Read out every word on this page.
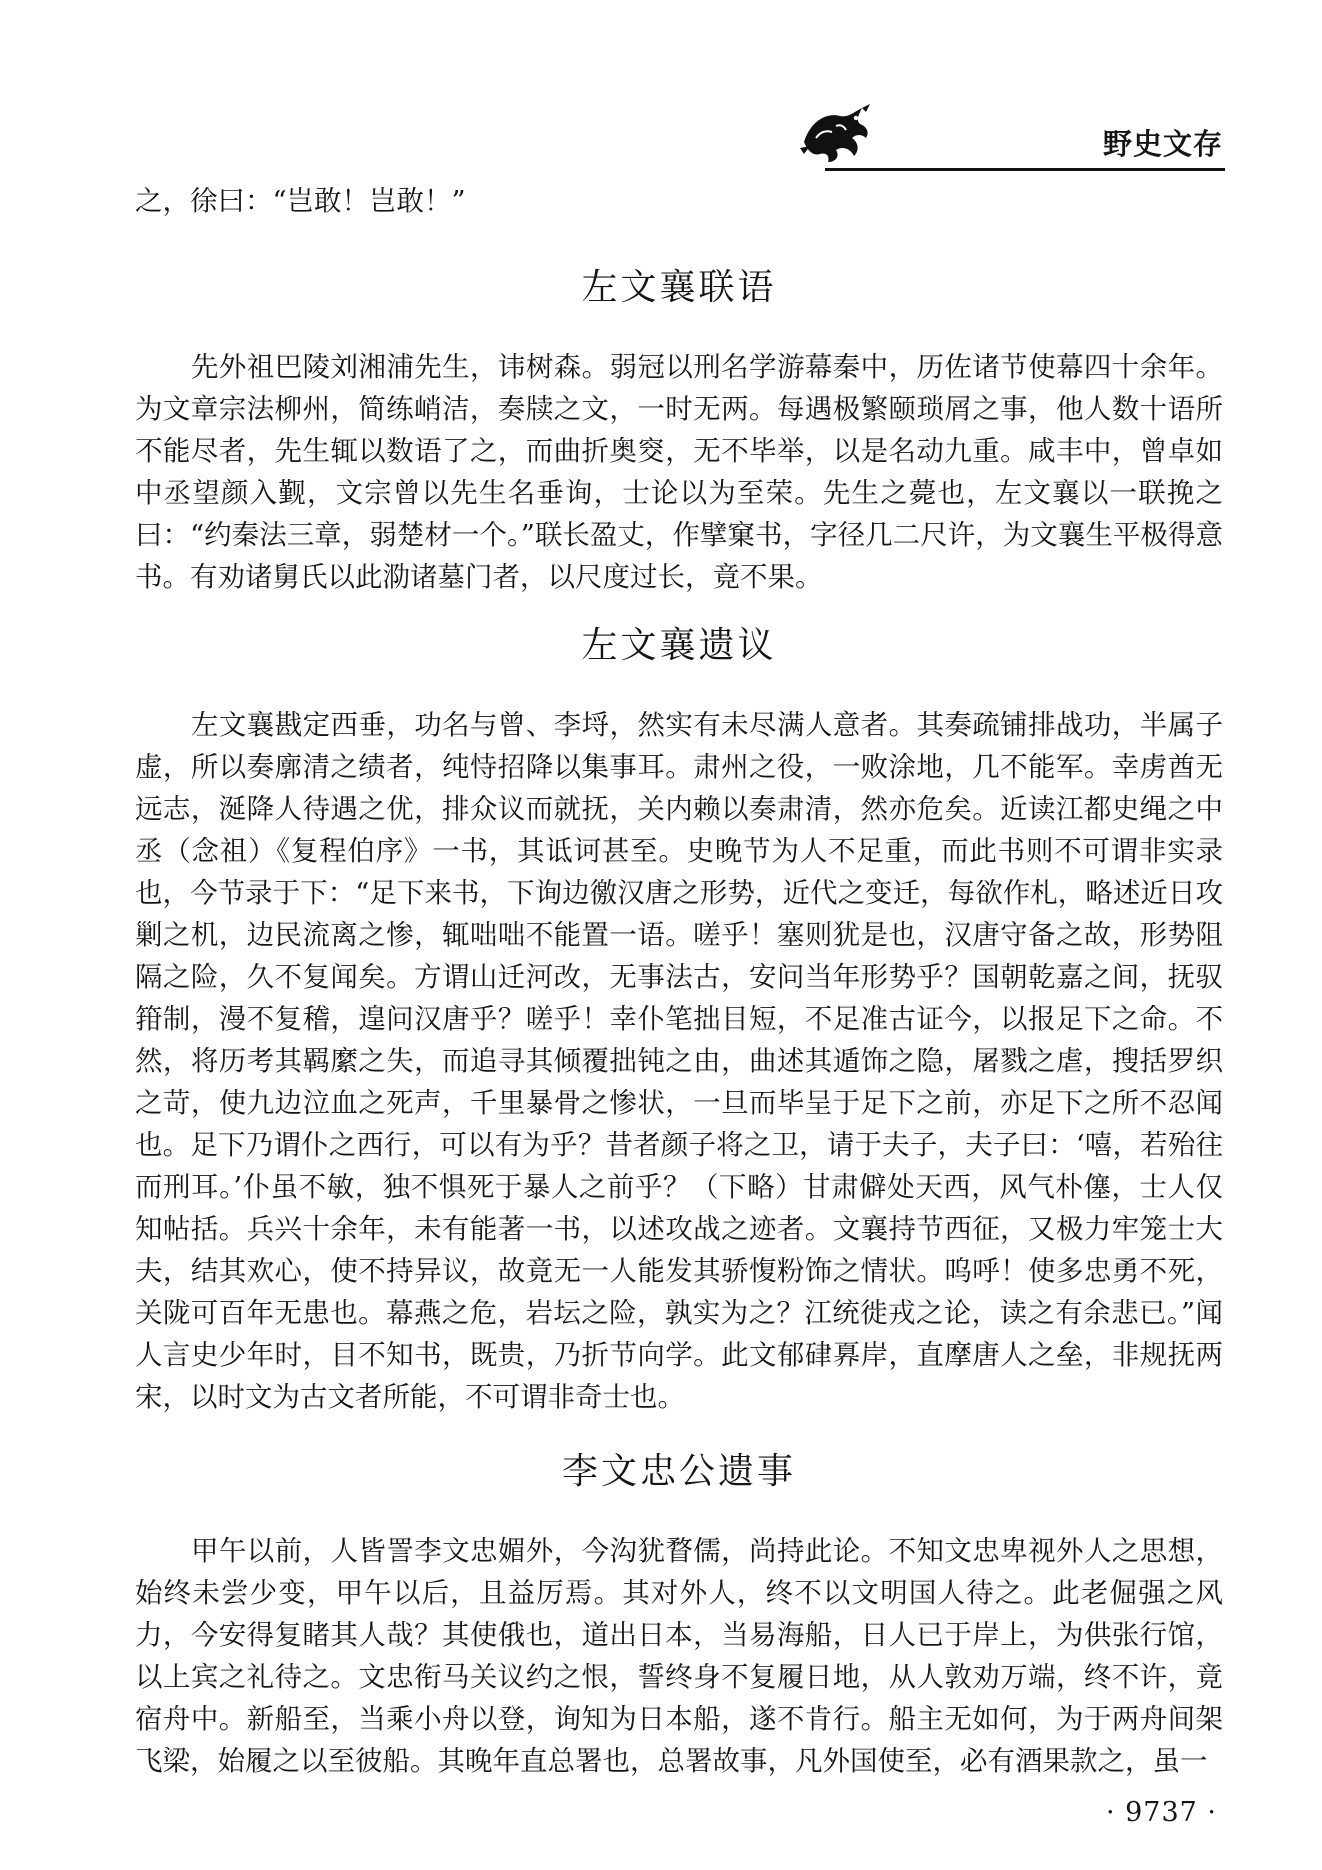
野史文存

之，徐曰：“岂敢！岂敢！”

左文襄联语

先外祖巴陵刘湘浦先生，讳树森。弱冠以刑名学游幕秦中，历佐诸节使幕四十余年。为文章宗法柳州，简练峭洁，奏牍之文，一时无两。每遇极繁颐琐屑之事，他人数十语所不能尽者，先生辄以数语了之，而曲折奥窔，无不毕举，以是名动九重。咸丰中，曾卓如中丞望颜入觐，文宗曾以先生名垂询，士论以为至荣。先生之薨也，左文襄以一联挽之曰：“约秦法三章，弱楚材一个。”联长盈丈，作擘窠书，字径几二尺许，为文襄生平极得意书。有劝诸舅氏以此泐诸墓门者，以尺度过长，竟不果。

左文襄遗议

左文襄戡定西垂，功名与曾、李埒，然实有未尽满人意者。其奏疏铺排战功，半属子虚，所以奏廓清之绩者，纯恃招降以集事耳。肃州之役，一败涂地，几不能军。幸虏酋无远志，涎降人待遇之优，排众议而就抚，关内赖以奏肃清，然亦危矣。近读江都史绳之中丞（念祖）《复程伯序》一书，其诋诃甚至。史晚节为人不足重，而此书则不可谓非实录也，今节录于下：“足下来书，下询边徼汉唐之形势，近代之变迁，每欲作札，略述近日攻剿之机，边民流离之惨，辄咄咄不能置一语。嗟乎！塞则犹是也，汉唐守备之故，形势阻隔之险，久不复闻矣。方谓山迁河改，无事法古，安问当年形势乎？国朝乾嘉之间，抚驭箝制，漫不复稽，遑问汉唐乎？嗟乎！幸仆笔拙目短，不足准古证今，以报足下之命。不然，将历考其羁縻之失，而追寻其倾覆拙钝之由，曲述其遁饰之隐，屠戮之虐，搜括罗织之苛，使九边泣血之死声，千里暴骨之惨状，一旦而毕呈于足下之前，亦足下之所不忍闻也。足下乃谓仆之西行，可以有为乎？昔者颜子将之卫，请于夫子，夫子曰：‘嘻，若殆往而刑耳。’仆虽不敏，独不惧死于暴人之前乎？（下略）甘肃僻处天西，风气朴僿，士人仅知帖括。兵兴十余年，未有能著一书，以述攻战之迹者。文襄持节西征，又极力牢笼士大夫，结其欢心，使不持异议，故竟无一人能发其骄愎粉饰之情状。呜呼！使多忠勇不死，关陇可百年无患也。幕燕之危，岩坛之险，孰实为之？江统徙戎之论，读之有余悲已。”闻人言史少年时，目不知书，既贵，乃折节向学。此文郁硉奡岸，直摩唐人之垒，非规抚两宋，以时文为古文者所能，不可谓非奇士也。

李文忠公遗事

甲午以前，人皆詈李文忠媚外，今沟犹瞀儒，尚持此论。不知文忠卑视外人之思想，始终未尝少变，甲午以后，且益厉焉。其对外人，终不以文明国人待之。此老倔强之风力，今安得复睹其人哉？其使俄也，道出日本，当易海船，日人已于岸上，为供张行馆，以上宾之礼待之。文忠衔马关议约之恨，誓终身不复履日地，从人敦劝万端，终不许，竟宿舟中。新船至，当乘小舟以登，询知为日本船，遂不肯行。船主无如何，为于两舟间架飞梁，始履之以至彼船。其晚年直总署也，总署故事，凡外国使至，必有酒果款之，虽一

· 9737 ·
